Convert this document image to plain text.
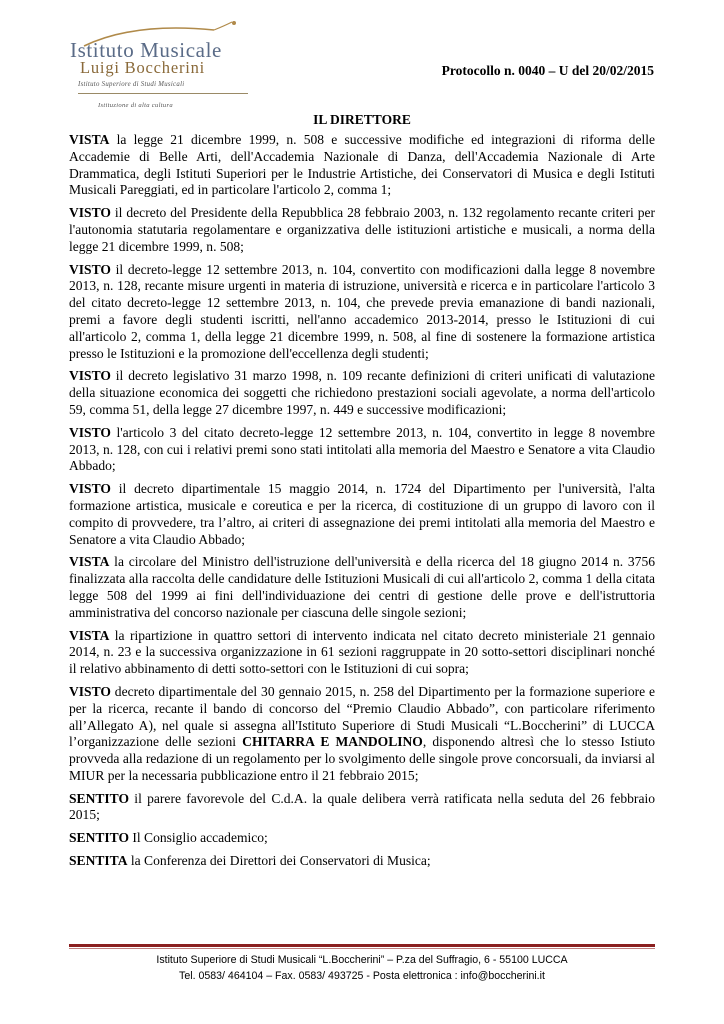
Istituto Musicale
Luigi Boccherini
Istituto Superiore di Studi Musicali
Istituzione di alta cultura
Protocollo n. 0040 – U del 20/02/2015
IL DIRETTORE

VISTA la legge 21 dicembre 1999, n. 508 e successive modifiche ed integrazioni di riforma delle Accademie di Belle Arti, dell'Accademia Nazionale di Danza, dell'Accademia Nazionale di Arte Drammatica, degli Istituti Superiori per le Industrie Artistiche, dei Conservatori di Musica e degli Istituti Musicali Pareggiati, ed in particolare l'articolo 2, comma 1;

VISTO il decreto del Presidente della Repubblica 28 febbraio 2003, n. 132 regolamento recante criteri per l'autonomia statutaria regolamentare e organizzativa delle istituzioni artistiche e musicali, a norma della legge 21 dicembre 1999, n. 508;

VISTO il decreto-legge 12 settembre 2013, n. 104, convertito con modificazioni dalla legge 8 novembre 2013, n. 128, recante misure urgenti in materia di istruzione, università e ricerca e in particolare l'articolo 3 del citato decreto-legge 12 settembre 2013, n. 104, che prevede previa emanazione di bandi nazionali, premi a favore degli studenti iscritti, nell'anno accademico 2013-2014, presso le Istituzioni di cui all'articolo 2, comma 1, della legge 21 dicembre 1999, n. 508, al fine di sostenere la formazione artistica presso le Istituzioni e la promozione dell'eccellenza degli studenti;

VISTO il decreto legislativo 31 marzo 1998, n. 109 recante definizioni di criteri unificati di valutazione della situazione economica dei soggetti che richiedono prestazioni sociali agevolate, a norma dell'articolo 59, comma 51, della legge 27 dicembre 1997, n. 449 e successive modificazioni;

VISTO l'articolo 3 del citato decreto-legge 12 settembre 2013, n. 104, convertito in legge 8 novembre 2013, n. 128, con cui i relativi premi sono stati intitolati alla memoria del Maestro e Senatore a vita Claudio Abbado;

VISTO il decreto dipartimentale 15 maggio 2014, n. 1724 del Dipartimento per l'università, l'alta formazione artistica, musicale e coreutica e per la ricerca, di costituzione di un gruppo di lavoro con il compito di provvedere, tra l’altro, ai criteri di assegnazione dei premi intitolati alla memoria del Maestro e Senatore a vita Claudio Abbado;

VISTA la circolare del Ministro dell'istruzione dell'università e della ricerca del 18 giugno 2014 n. 3756 finalizzata alla raccolta delle candidature delle Istituzioni Musicali di cui all'articolo 2, comma 1 della citata legge 508 del 1999 ai fini dell'individuazione dei centri di gestione delle prove e dell'istruttoria amministrativa del concorso nazionale per ciascuna delle singole sezioni;

VISTA la ripartizione in quattro settori di intervento indicata nel citato decreto ministeriale 21 gennaio 2014, n. 23 e la successiva organizzazione in 61 sezioni raggruppate in 20 sotto-settori disciplinari nonché il relativo abbinamento di detti sotto-settori con le Istituzioni di cui sopra;

VISTO decreto dipartimentale del 30 gennaio 2015, n. 258 del Dipartimento per la formazione superiore e per la ricerca, recante il bando di concorso del “Premio Claudio Abbado”, con particolare riferimento all’Allegato A), nel quale si assegna all'Istituto Superiore di Studi Musicali “L.Boccherini” di LUCCA l’organizzazione delle sezioni CHITARRA E MANDOLINO, disponendo altresì che lo stesso Istiuto provveda alla redazione di un regolamento per lo svolgimento delle singole prove concorsuali, da inviarsi al MIUR per la necessaria pubblicazione entro il 21 febbraio 2015;

SENTITO il parere favorevole del C.d.A. la quale delibera verrà ratificata nella seduta del 26 febbraio 2015;

SENTITO Il Consiglio accademico;

SENTITA la Conferenza dei Direttori dei Conservatori di Musica;

Istituto Superiore di Studi Musicali “L.Boccherini” – P.za del Suffragio, 6 - 55100 LUCCA
Tel. 0583/ 464104 – Fax. 0583/ 493725 - Posta elettronica : info@boccherini.it
